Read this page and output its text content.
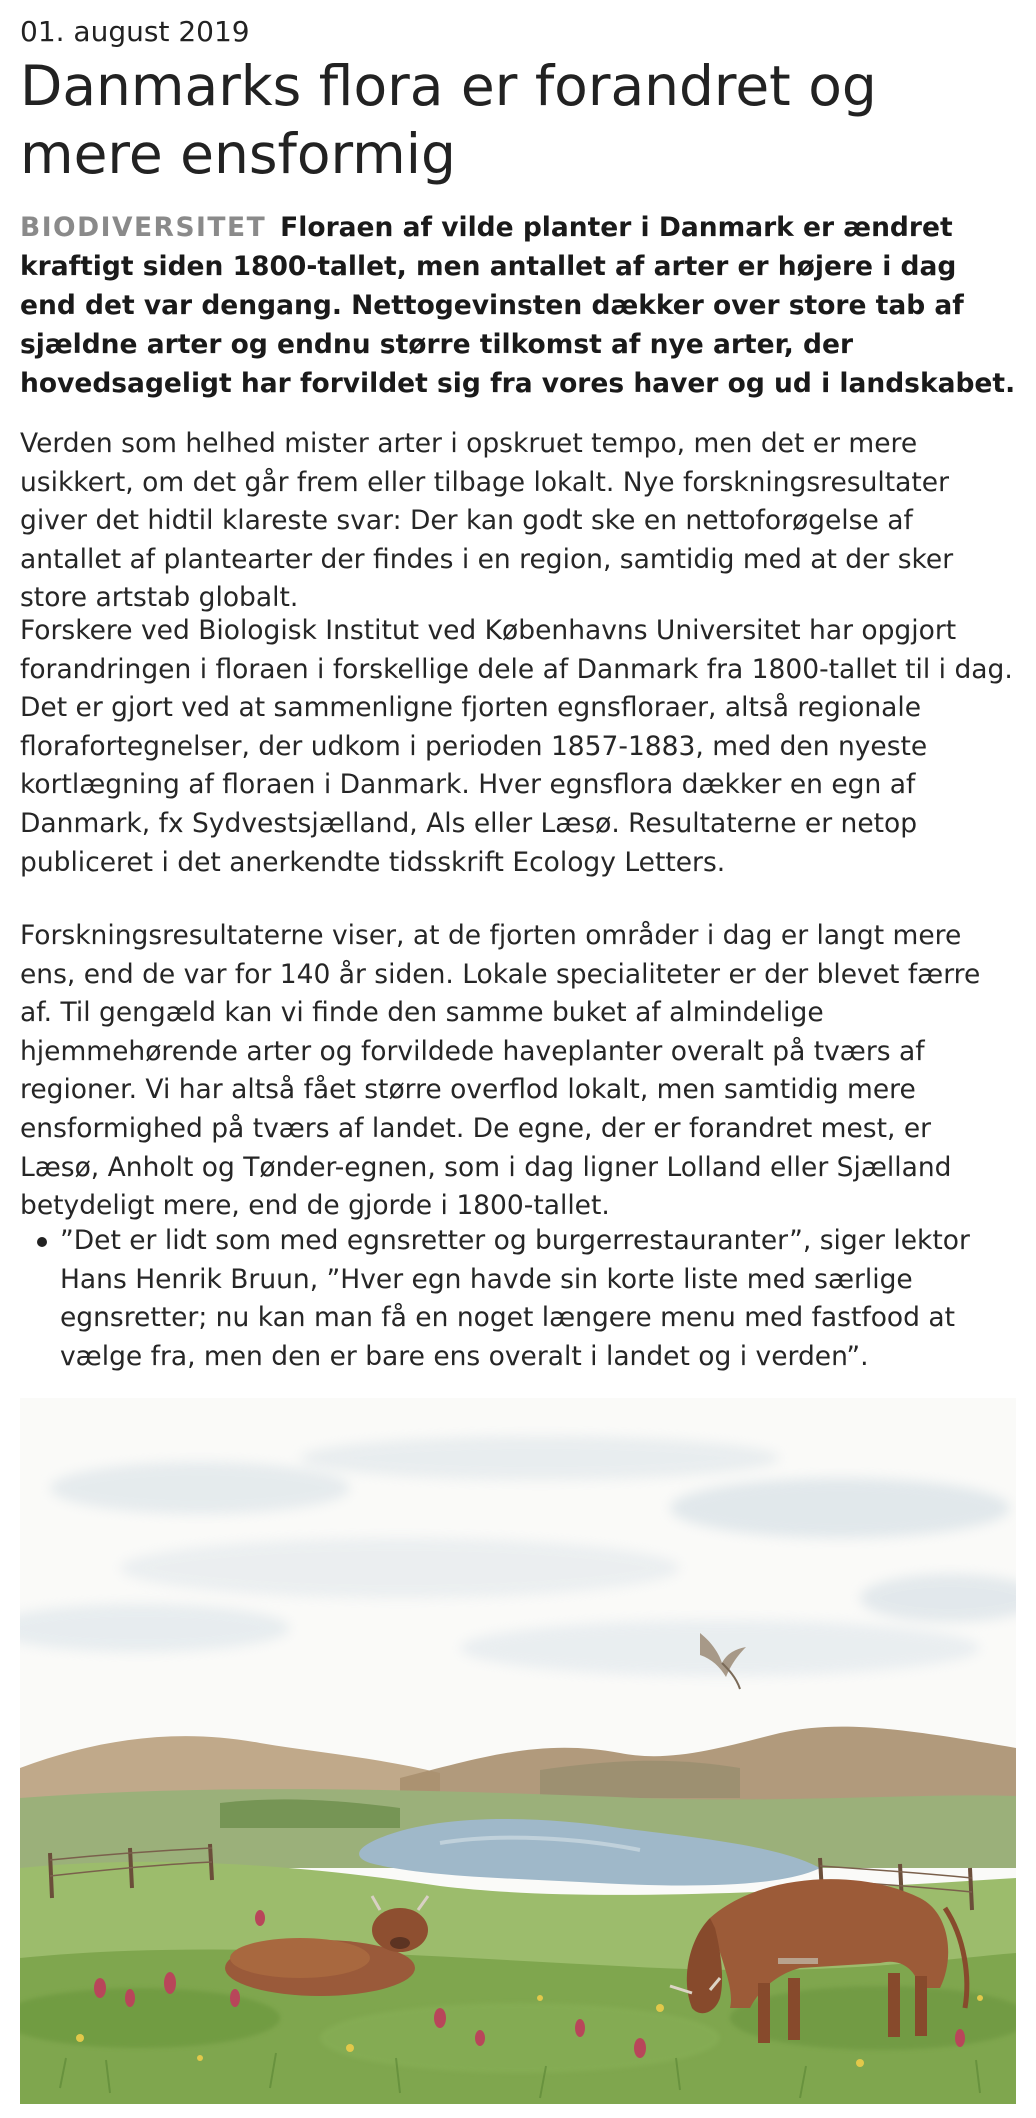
01. august 2019
Danmarks flora er forandret og mere ensformig

BIODIVERSITET Floraen af vilde planter i Danmark er ændret kraftigt siden 1800-tallet, men antallet af arter er højere i dag end det var dengang. Nettogevinsten dækker over store tab af sjældne arter og endnu større tilkomst af nye arter, der hovedsageligt har forvildet sig fra vores haver og ud i landskabet.

Verden som helhed mister arter i opskruet tempo, men det er mere usikkert, om det går frem eller tilbage lokalt. Nye forskningsresultater giver det hidtil klareste svar: Der kan godt ske en nettoforøgelse af antallet af plantearter der findes i en region, samtidig med at der sker store artstab globalt.

Forskere ved Biologisk Institut ved Københavns Universitet har opgjort forandringen i floraen i forskellige dele af Danmark fra 1800-tallet til i dag. Det er gjort ved at sammenligne fjorten egnsfloraer, altså regionale florafortegnelser, der udkom i perioden 1857-1883, med den nyeste kortlægning af floraen i Danmark. Hver egnsflora dækker en egn af Danmark, fx Sydvestsjælland, Als eller Læsø. Resultaterne er netop publiceret i det anerkendte tidsskrift Ecology Letters.

Forskningsresultaterne viser, at de fjorten områder i dag er langt mere ens, end de var for 140 år siden. Lokale specialiteter er der blevet færre af. Til gengæld kan vi finde den samme buket af almindelige hjemmehørende arter og forvildede haveplanter overalt på tværs af regioner. Vi har altså fået større overflod lokalt, men samtidig mere ensformighed på tværs af landet. De egne, der er forandret mest, er Læsø, Anholt og Tønder-egnen, som i dag ligner Lolland eller Sjælland betydeligt mere, end de gjorde i 1800-tallet.

”Det er lidt som med egnsretter og burgerrestauranter”, siger lektor Hans Henrik Bruun, ”Hver egn havde sin korte liste med særlige egnsretter; nu kan man få en noget længere menu med fastfood at vælge fra, men den er bare ens overalt i landet og i verden”.
